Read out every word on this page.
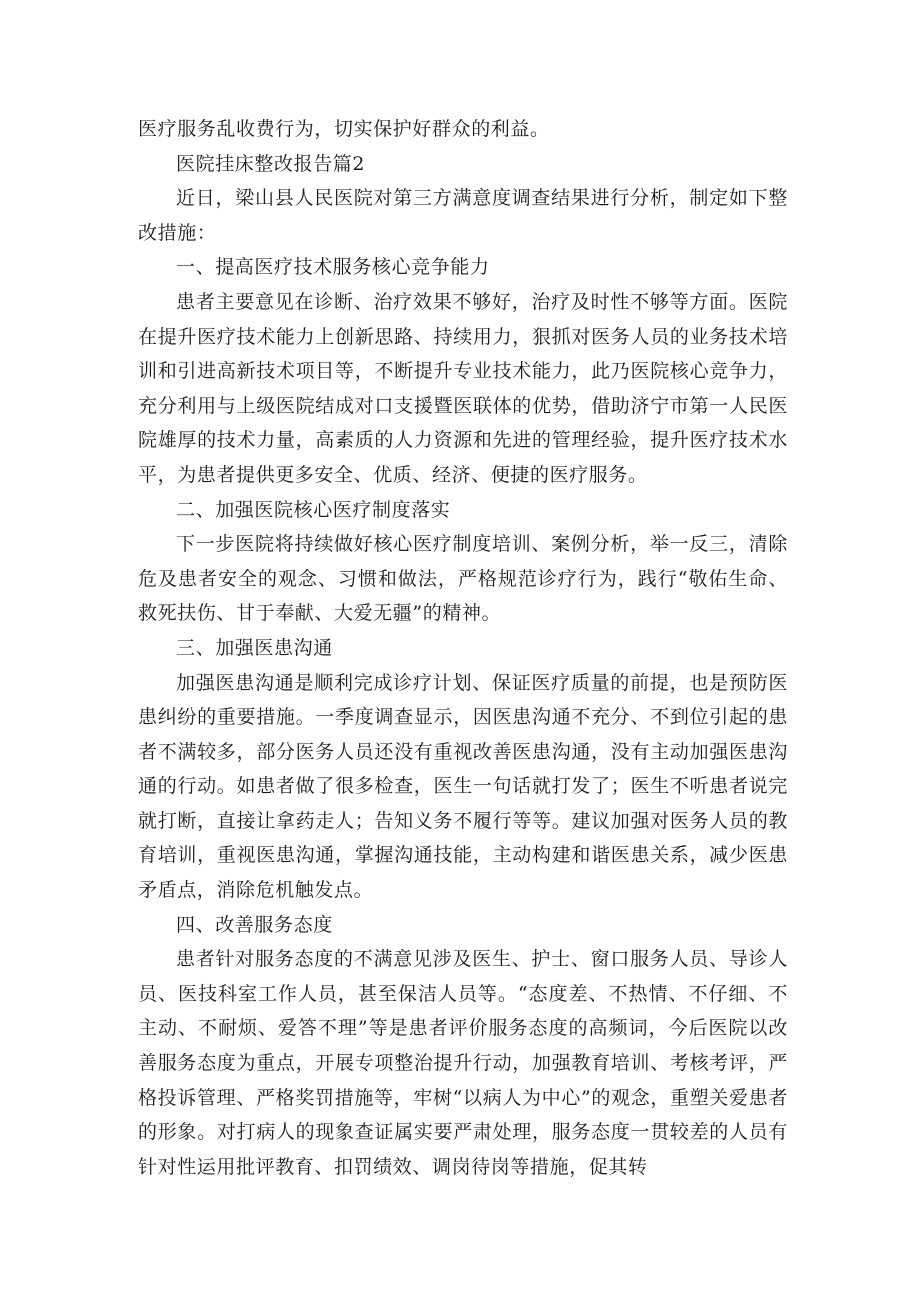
医疗服务乱收费行为，切实保护好群众的利益。

医院挂床整改报告篇2

近日，梁山县人民医院对第三方满意度调查结果进行分析，制定如下整改措施：

一、提高医疗技术服务核心竞争能力

患者主要意见在诊断、治疗效果不够好，治疗及时性不够等方面。医院在提升医疗技术能力上创新思路、持续用力，狠抓对医务人员的业务技术培训和引进高新技术项目等，不断提升专业技术能力，此乃医院核心竞争力，充分利用与上级医院结成对口支援暨医联体的优势，借助济宁市第一人民医院雄厚的技术力量，高素质的人力资源和先进的管理经验，提升医疗技术水平，为患者提供更多安全、优质、经济、便捷的医疗服务。

二、加强医院核心医疗制度落实

下一步医院将持续做好核心医疗制度培训、案例分析，举一反三，清除危及患者安全的观念、习惯和做法，严格规范诊疗行为，践行“敬佑生命、救死扶伤、甘于奉献、大爱无疆”的精神。

三、加强医患沟通

加强医患沟通是顺利完成诊疗计划、保证医疗质量的前提，也是预防医患纠纷的重要措施。一季度调查显示，因医患沟通不充分、不到位引起的患者不满较多，部分医务人员还没有重视改善医患沟通，没有主动加强医患沟通的行动。如患者做了很多检查，医生一句话就打发了；医生不听患者说完就打断，直接让拿药走人；告知义务不履行等等。建议加强对医务人员的教育培训，重视医患沟通，掌握沟通技能，主动构建和谐医患关系，减少医患矛盾点，消除危机触发点。

四、改善服务态度

患者针对服务态度的不满意见涉及医生、护士、窗口服务人员、导诊人员、医技科室工作人员，甚至保洁人员等。“态度差、不热情、不仔细、不主动、不耐烦、爱答不理”等是患者评价服务态度的高频词，今后医院以改善服务态度为重点，开展专项整治提升行动，加强教育培训、考核考评，严格投诉管理、严格奖罚措施等，牢树“以病人为中心”的观念，重塑关爱患者的形象。对打病人的现象查证属实要严肃处理，服务态度一贯较差的人员有针对性运用批评教育、扣罚绩效、调岗待岗等措施，促其转
